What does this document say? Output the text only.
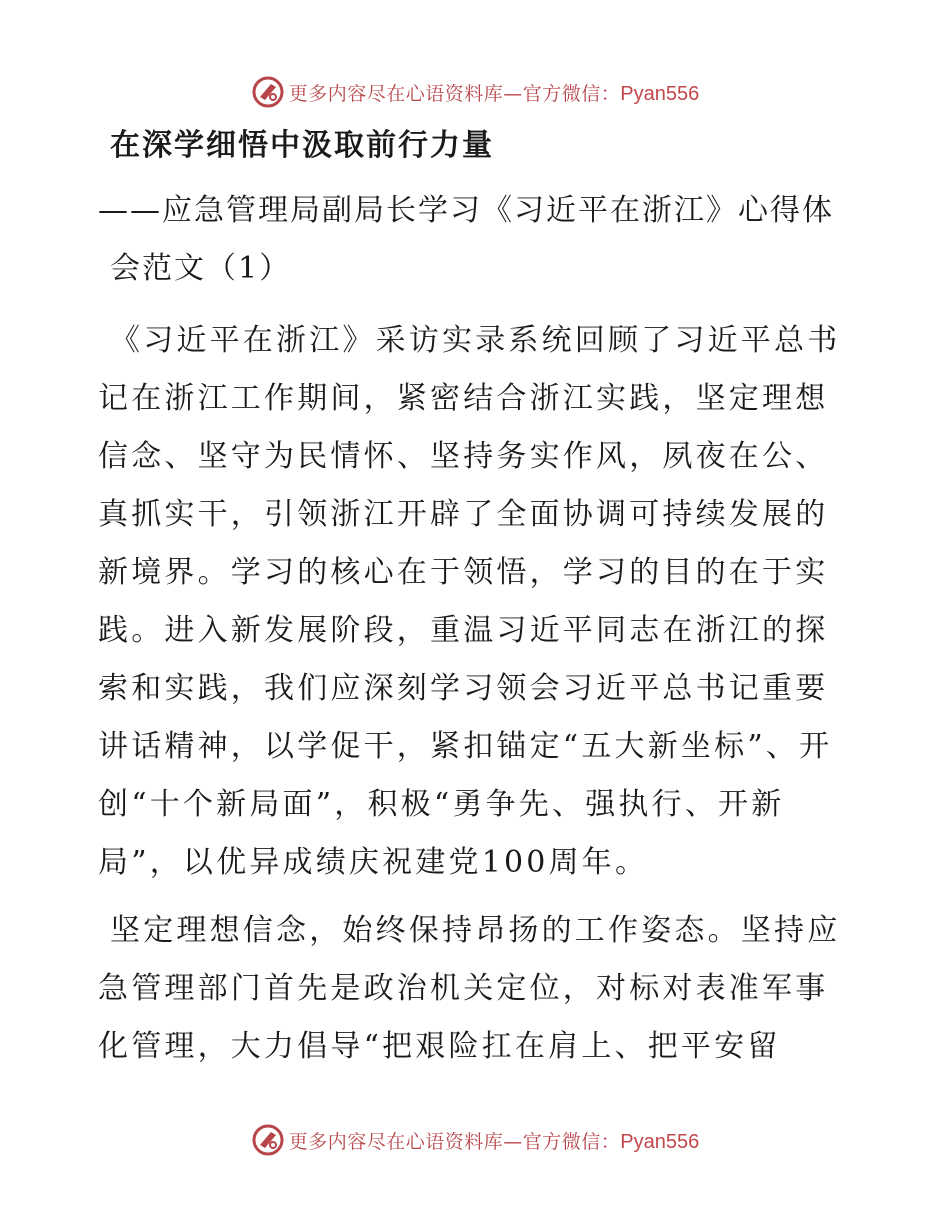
更多内容尽在心语资料库—官方微信：Pyan556
在深学细悟中汲取前行力量
——应急管理局副局长学习《习近平在浙江》心得体会范文（1）

《习近平在浙江》采访实录系统回顾了习近平总书记在浙江工作期间，紧密结合浙江实践，坚定理想信念、坚守为民情怀、坚持务实作风，夙夜在公、真抓实干，引领浙江开辟了全面协调可持续发展的新境界。学习的核心在于领悟，学习的目的在于实践。进入新发展阶段，重温习近平同志在浙江的探索和实践，我们应深刻学习领会习近平总书记重要讲话精神，以学促干，紧扣锚定“五大新坐标”、开创“十个新局面”，积极“勇争先、强执行、开新局”，以优异成绩庆祝建党100周年。

坚定理想信念，始终保持昂扬的工作姿态。坚持应急管理部门首先是政治机关定位，对标对表准军事化管理，大力倡导“把艰险扛在肩上、把平安留

更多内容尽在心语资料库—官方微信：Pyan556
